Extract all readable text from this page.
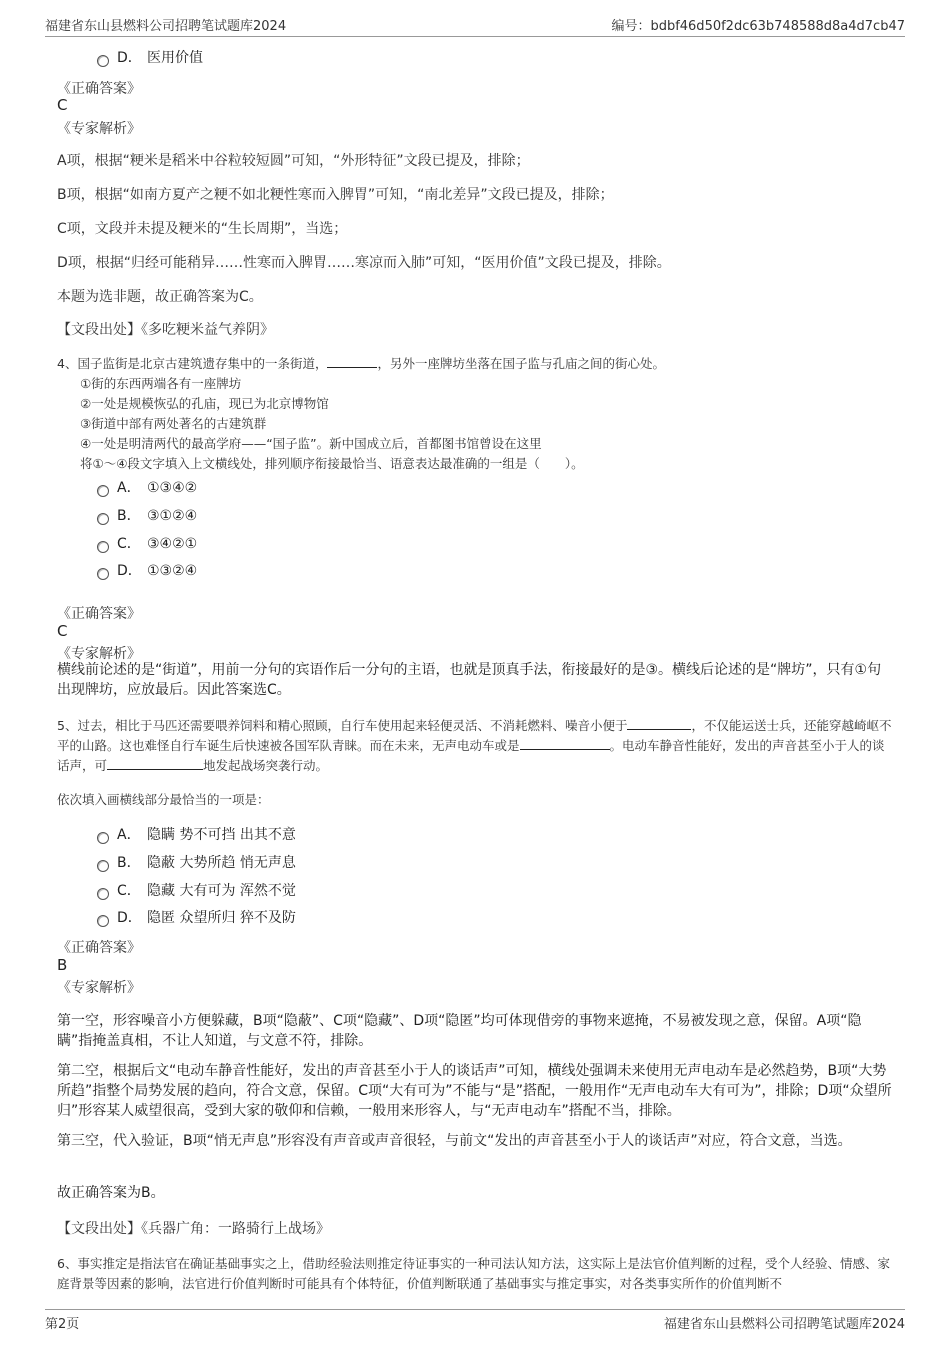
福建省东山县燃料公司招聘笔试题库2024	编号：bdbf46d50f2dc63b748588d8a4d7cb47
D． 医用价值
《正确答案》
C
《专家解析》
A项，根据“粳米是稻米中谷粒较短圆”可知，“外形特征”文段已提及，排除；
B项，根据“如南方夏产之粳不如北粳性寒而入脾胃”可知，“南北差异”文段已提及，排除；
C项，文段并未提及粳米的“生长周期”，当选；
D项，根据“归经可能稍异……性寒而入脾胃……寒凉而入肺”可知，“医用价值”文段已提及，排除。
本题为选非题，故正确答案为C。
【文段出处】《多吃粳米益气养阴》
4、国子监街是北京古建筑遗存集中的一条街道，	，另外一座牌坊坐落在国子监与孔庙之间的街心处。
①街的东西两端各有一座牌坊
②一处是规模恢弘的孔庙，现已为北京博物馆
③街道中部有两处著名的古建筑群
④一处是明清两代的最高学府——“国子监”。新中国成立后，首都图书馆曾设在这里
将①～④段文字填入上文横线处，排列顺序衔接最恰当、语意表达最准确的一组是（　　）。
A． ①③④②
B． ③①②④
C． ③④②①
D． ①③②④
《正确答案》
C
《专家解析》
横线前论述的是“街道”，用前一分句的宾语作后一分句的主语，也就是顶真手法，衔接最好的是③。横线后论述的是“牌坊”，只有①句出现牌坊，应放最后。因此答案选C。
5、过去，相比于马匹还需要喂养饲料和精心照顾，自行车使用起来轻便灵活、不消耗燃料、噪音小便于	，不仅能运送士兵，还能穿越崎岖不平的山路。这也难怪自行车诞生后快速被各国军队青睐。而在未来，无声电动车或是	。电动车静音性能好，发出的声音甚至小于人的谈话声，可	地发起战场突袭行动。
依次填入画横线部分最恰当的一项是：
A． 隐瞒 势不可挡 出其不意
B． 隐蔽 大势所趋 悄无声息
C． 隐藏 大有可为 浑然不觉
D． 隐匿 众望所归 猝不及防
《正确答案》
B
《专家解析》
第一空，形容噪音小方便躲藏，B项“隐蔽”、C项“隐藏”、D项“隐匿”均可体现借旁的事物来遮掩，不易被发现之意，保留。A项“隐瞒”指掩盖真相，不让人知道，与文意不符，排除。
第二空，根据后文“电动车静音性能好，发出的声音甚至小于人的谈话声”可知，横线处强调未来使用无声电动车是必然趋势，B项“大势所趋”指整个局势发展的趋向，符合文意，保留。C项“大有可为”不能与“是”搭配，一般用作“无声电动车大有可为”，排除；D项“众望所归”形容某人威望很高，受到大家的敬仰和信赖，一般用来形容人，与“无声电动车”搭配不当，排除。
第三空，代入验证，B项“悄无声息”形容没有声音或声音很轻，与前文“发出的声音甚至小于人的谈话声”对应，符合文意，当选。
故正确答案为B。
【文段出处】《兵器广角：一路骑行上战场》
6、事实推定是指法官在确证基础事实之上，借助经验法则推定待证事实的一种司法认知方法，这实际上是法官价值判断的过程，受个人经验、情感、家庭背景等因素的影响，法官进行价值判断时可能具有个体特征，价值判断联通了基础事实与推定事实，对各类事实所作的价值判断不
第2页	福建省东山县燃料公司招聘笔试题库2024
